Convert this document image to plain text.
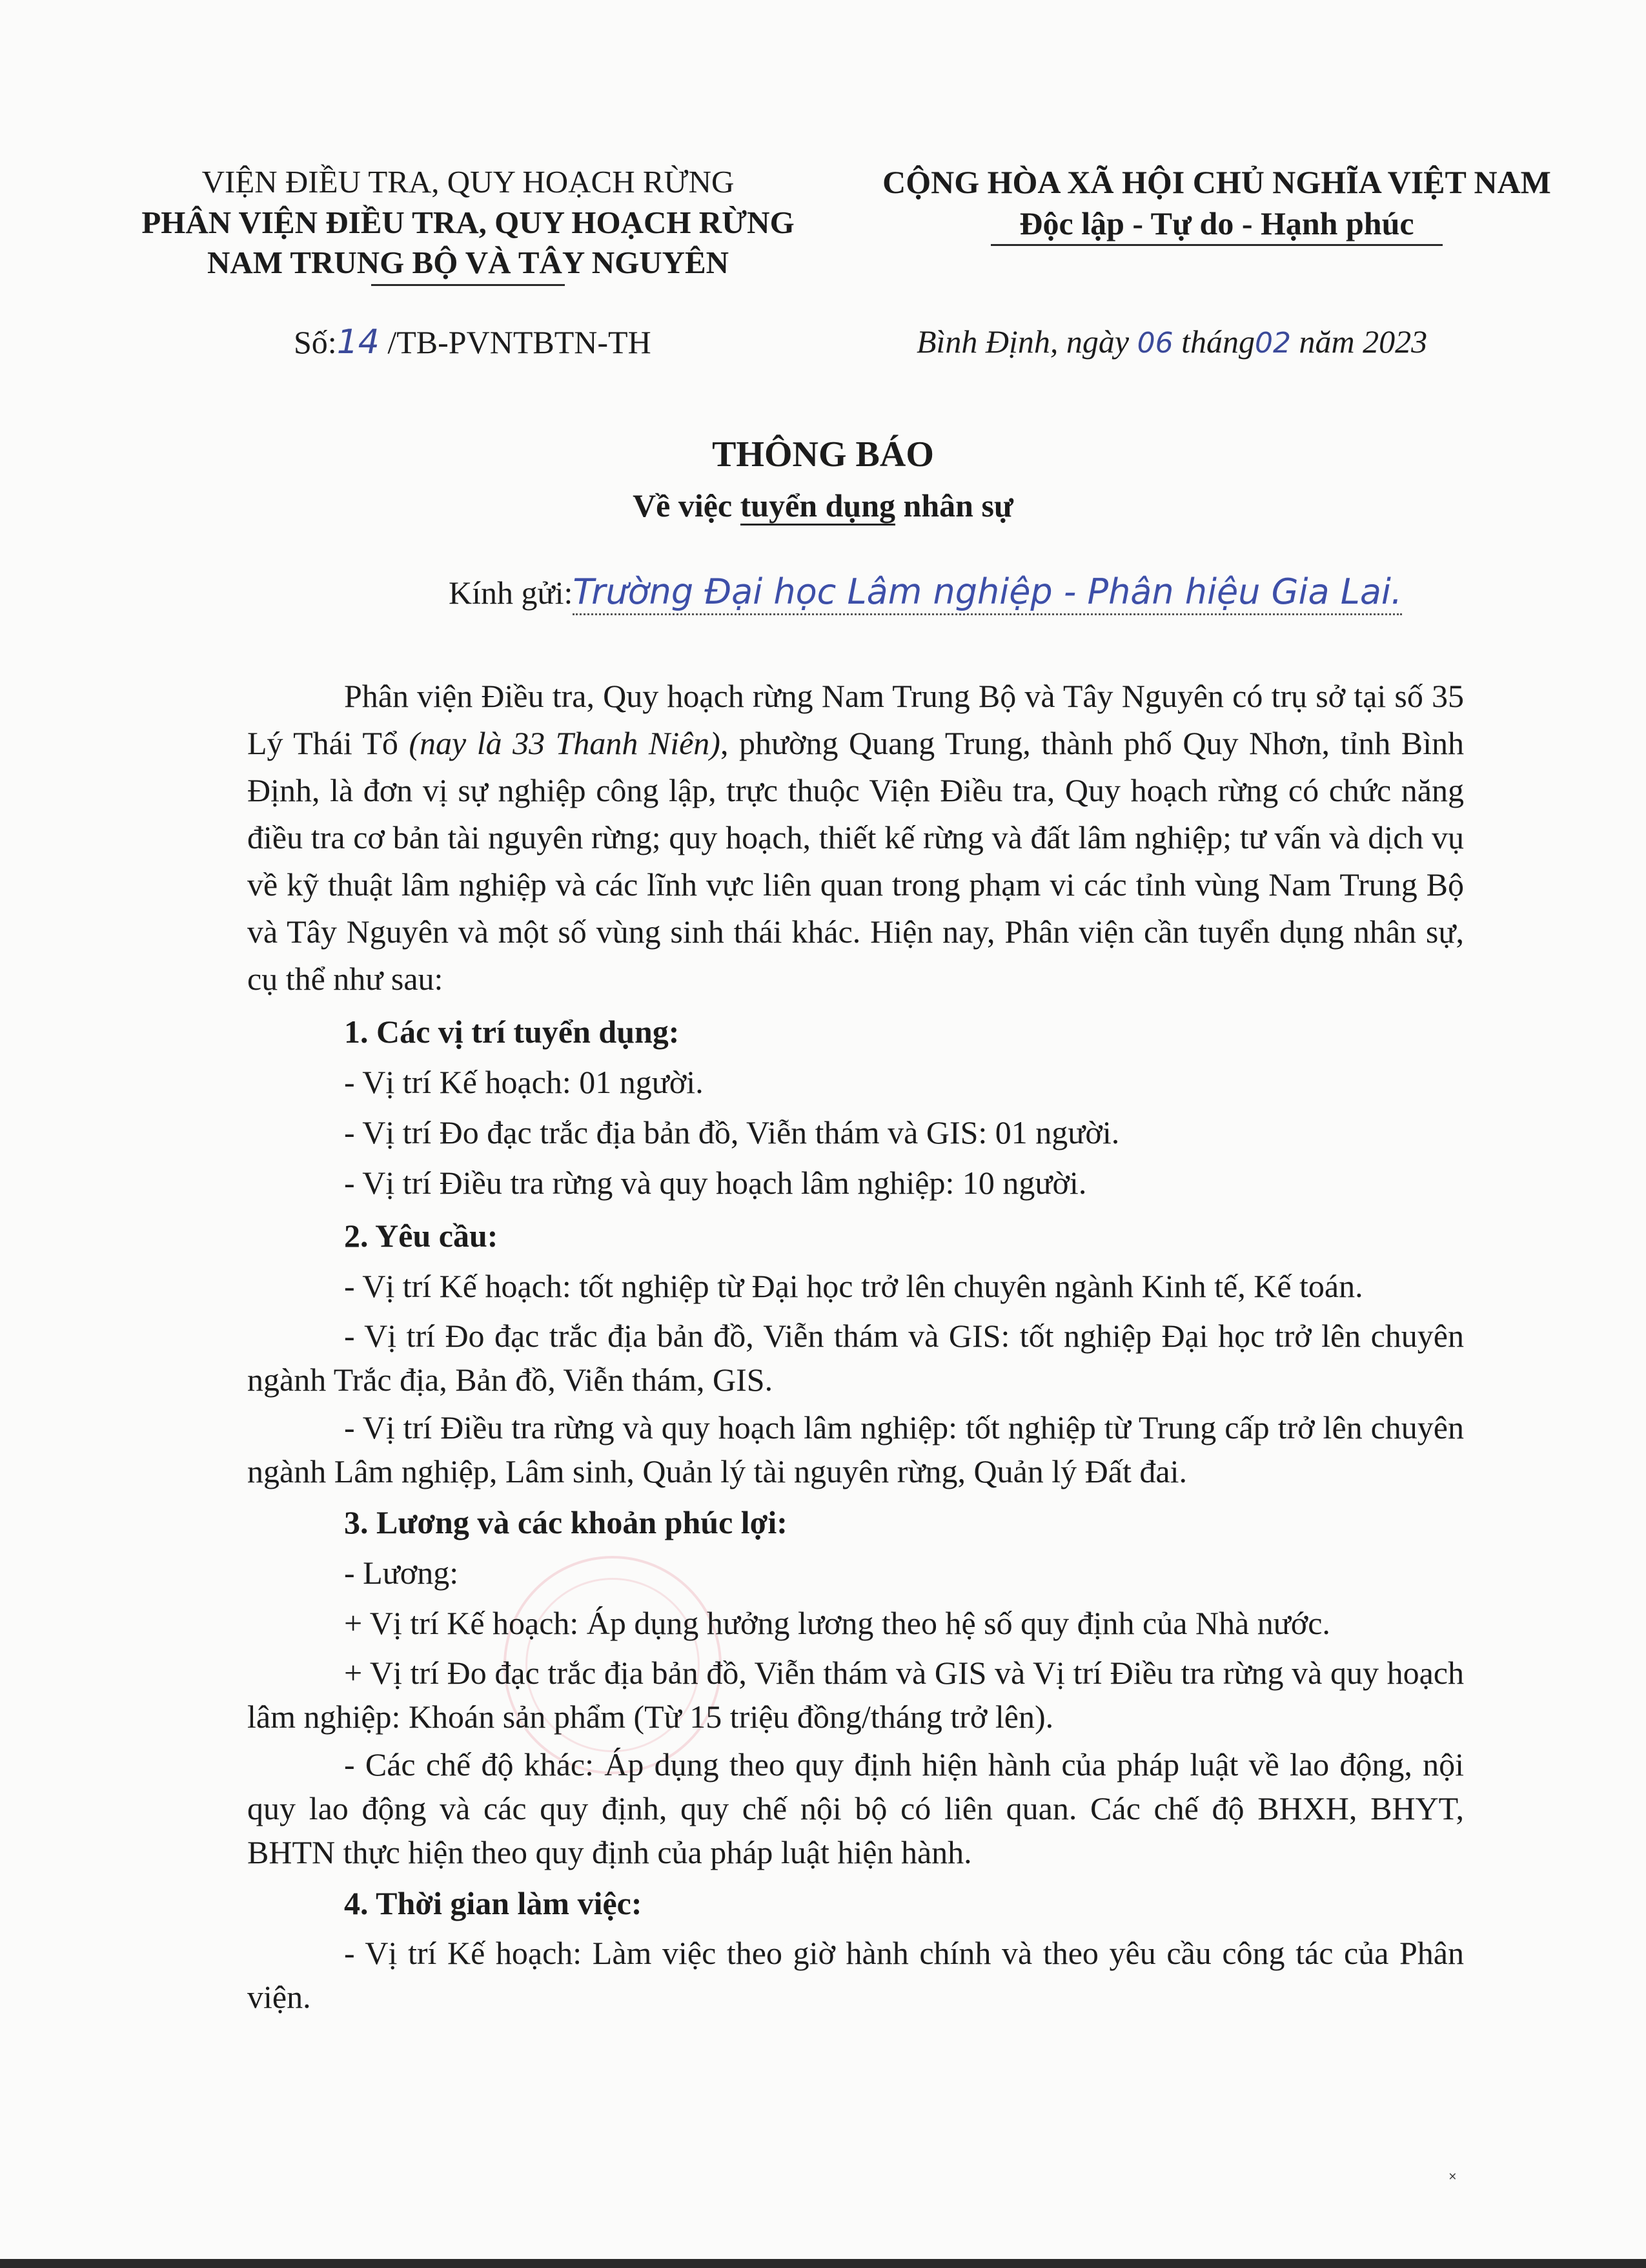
VIỆN ĐIỀU TRA, QUY HOẠCH RỪNG
PHÂN VIỆN ĐIỀU TRA, QUY HOẠCH RỪNG
NAM TRUNG BỘ VÀ TÂY NGUYÊN
CỘNG HÒA XÃ HỘI CHỦ NGHĨA VIỆT NAM
Độc lập - Tự do - Hạnh phúc
Số:14 /TB-PVNTBTN-TH	Bình Định, ngày 06 tháng02 năm 2023
THÔNG BÁO
Về việc tuyển dụng nhân sự
Kính gửi:Trường Đại học Lâm nghiệp - Phân hiệu Gia Lai.

Phân viện Điều tra, Quy hoạch rừng Nam Trung Bộ và Tây Nguyên có trụ sở tại số 35 Lý Thái Tổ (nay là 33 Thanh Niên), phường Quang Trung, thành phố Quy Nhơn, tỉnh Bình Định, là đơn vị sự nghiệp công lập, trực thuộc Viện Điều tra, Quy hoạch rừng có chức năng điều tra cơ bản tài nguyên rừng; quy hoạch, thiết kế rừng và đất lâm nghiệp; tư vấn và dịch vụ về kỹ thuật lâm nghiệp và các lĩnh vực liên quan trong phạm vi các tỉnh vùng Nam Trung Bộ và Tây Nguyên và một số vùng sinh thái khác. Hiện nay, Phân viện cần tuyển dụng nhân sự, cụ thể như sau:

1. Các vị trí tuyển dụng:

- Vị trí Kế hoạch: 01 người.

- Vị trí Đo đạc trắc địa bản đồ, Viễn thám và GIS: 01 người.

- Vị trí Điều tra rừng và quy hoạch lâm nghiệp: 10 người.

2. Yêu cầu:

- Vị trí Kế hoạch: tốt nghiệp từ Đại học trở lên chuyên ngành Kinh tế, Kế toán.

- Vị trí Đo đạc trắc địa bản đồ, Viễn thám và GIS: tốt nghiệp Đại học trở lên chuyên ngành Trắc địa, Bản đồ, Viễn thám, GIS.

- Vị trí Điều tra rừng và quy hoạch lâm nghiệp: tốt nghiệp từ Trung cấp trở lên chuyên ngành Lâm nghiệp, Lâm sinh, Quản lý tài nguyên rừng, Quản lý Đất đai.

3. Lương và các khoản phúc lợi:

- Lương:

+ Vị trí Kế hoạch: Áp dụng hưởng lương theo hệ số quy định của Nhà nước.

+ Vị trí Đo đạc trắc địa bản đồ, Viễn thám và GIS và Vị trí Điều tra rừng và quy hoạch lâm nghiệp: Khoán sản phẩm (Từ 15 triệu đồng/tháng trở lên).

- Các chế độ khác: Áp dụng theo quy định hiện hành của pháp luật về lao động, nội quy lao động và các quy định, quy chế nội bộ có liên quan. Các chế độ BHXH, BHYT, BHTN thực hiện theo quy định của pháp luật hiện hành.

4. Thời gian làm việc:

- Vị trí Kế hoạch: Làm việc theo giờ hành chính và theo yêu cầu công tác của Phân viện.

˟
